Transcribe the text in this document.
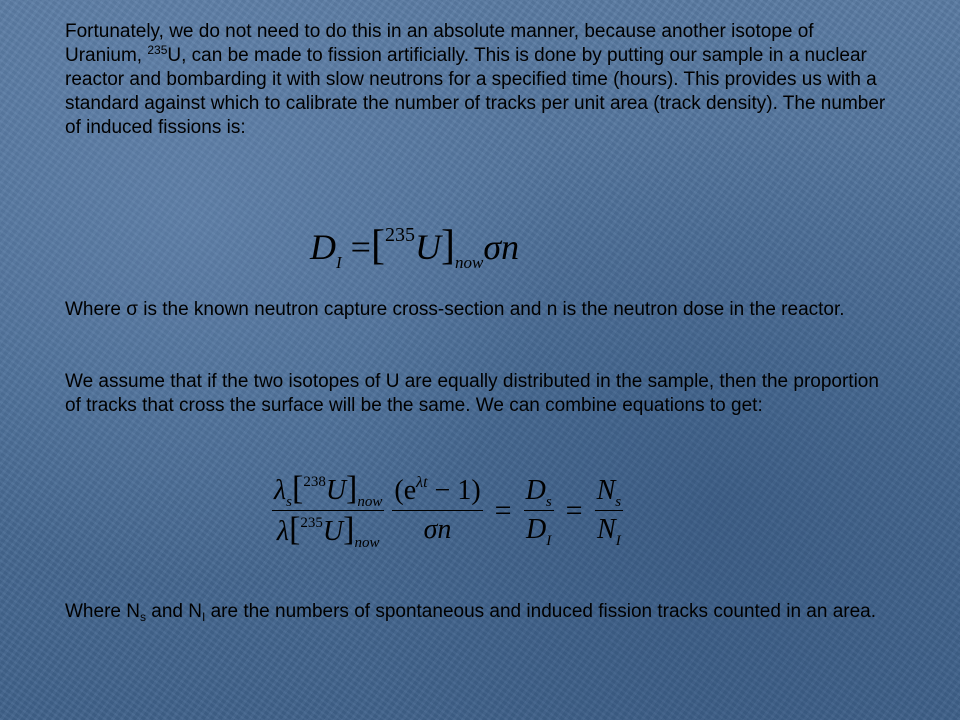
Fortunately, we do not need to do this in an absolute manner, because another isotope of Uranium, $^{235}$U, can be made to fission artificially. This is done by putting our sample in a nuclear reactor and bombarding it with slow neutrons for a specified time (hours). This provides us with a standard against which to calibrate the number of tracks per unit area (track density). The number of induced fissions is:

$D_I =[^{235}U]_{now}\sigma n$

Where σ is the known neutron capture cross-section and n is the neutron dose in the reactor.

We assume that if the two isotopes of U are equally distributed in the sample, then the proportion of tracks that cross the surface will be the same. We can combine equations to get:

$\frac{\lambda_s[^{238}U]_{now}}{\lambda[^{235}U]_{now}} \frac{(e^{\lambda t} - 1)}{\sigma n} = \frac{D_s}{D_I} = \frac{N_s}{N_I}$

Where $N_s$ and $N_I$ are the numbers of spontaneous and induced fission tracks counted in an area.
